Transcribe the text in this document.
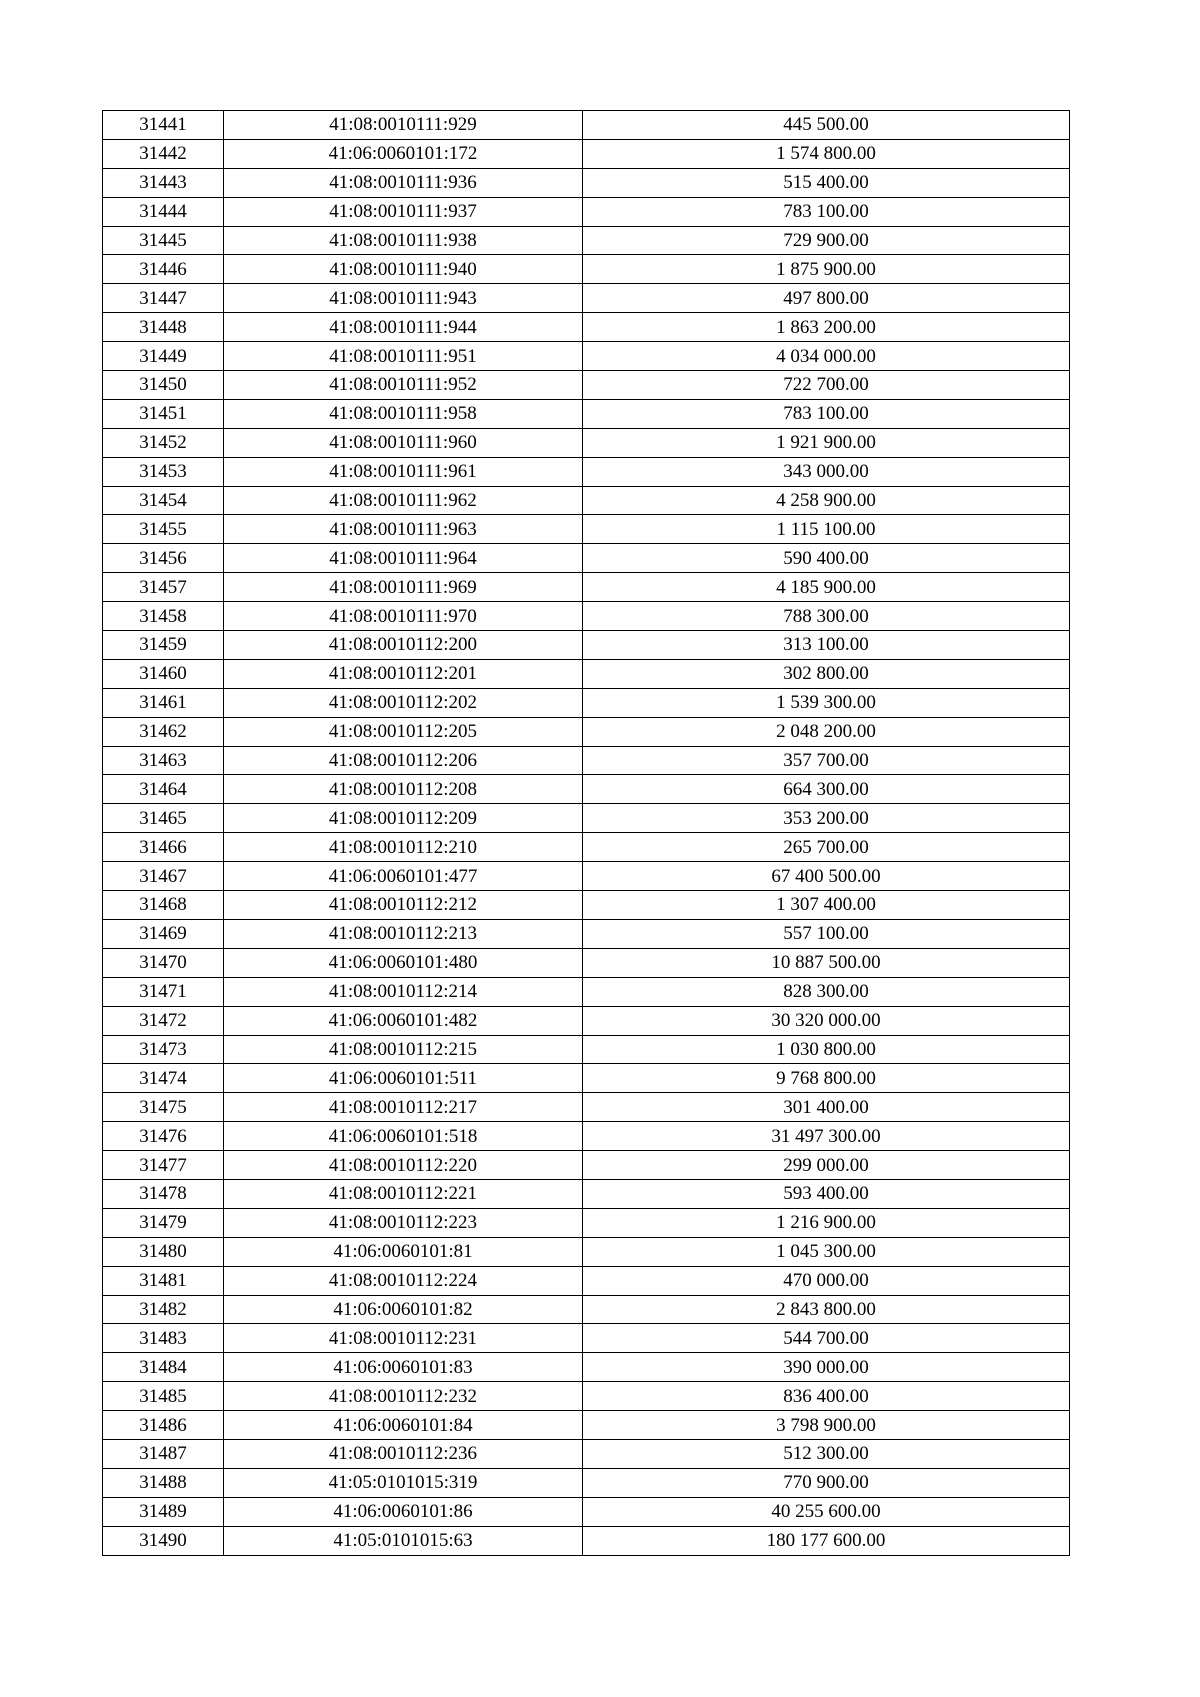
31441	41:08:0010111:929	445 500.00
31442	41:06:0060101:172	1 574 800.00
31443	41:08:0010111:936	515 400.00
31444	41:08:0010111:937	783 100.00
31445	41:08:0010111:938	729 900.00
31446	41:08:0010111:940	1 875 900.00
31447	41:08:0010111:943	497 800.00
31448	41:08:0010111:944	1 863 200.00
31449	41:08:0010111:951	4 034 000.00
31450	41:08:0010111:952	722 700.00
31451	41:08:0010111:958	783 100.00
31452	41:08:0010111:960	1 921 900.00
31453	41:08:0010111:961	343 000.00
31454	41:08:0010111:962	4 258 900.00
31455	41:08:0010111:963	1 115 100.00
31456	41:08:0010111:964	590 400.00
31457	41:08:0010111:969	4 185 900.00
31458	41:08:0010111:970	788 300.00
31459	41:08:0010112:200	313 100.00
31460	41:08:0010112:201	302 800.00
31461	41:08:0010112:202	1 539 300.00
31462	41:08:0010112:205	2 048 200.00
31463	41:08:0010112:206	357 700.00
31464	41:08:0010112:208	664 300.00
31465	41:08:0010112:209	353 200.00
31466	41:08:0010112:210	265 700.00
31467	41:06:0060101:477	67 400 500.00
31468	41:08:0010112:212	1 307 400.00
31469	41:08:0010112:213	557 100.00
31470	41:06:0060101:480	10 887 500.00
31471	41:08:0010112:214	828 300.00
31472	41:06:0060101:482	30 320 000.00
31473	41:08:0010112:215	1 030 800.00
31474	41:06:0060101:511	9 768 800.00
31475	41:08:0010112:217	301 400.00
31476	41:06:0060101:518	31 497 300.00
31477	41:08:0010112:220	299 000.00
31478	41:08:0010112:221	593 400.00
31479	41:08:0010112:223	1 216 900.00
31480	41:06:0060101:81	1 045 300.00
31481	41:08:0010112:224	470 000.00
31482	41:06:0060101:82	2 843 800.00
31483	41:08:0010112:231	544 700.00
31484	41:06:0060101:83	390 000.00
31485	41:08:0010112:232	836 400.00
31486	41:06:0060101:84	3 798 900.00
31487	41:08:0010112:236	512 300.00
31488	41:05:0101015:319	770 900.00
31489	41:06:0060101:86	40 255 600.00
31490	41:05:0101015:63	180 177 600.00
